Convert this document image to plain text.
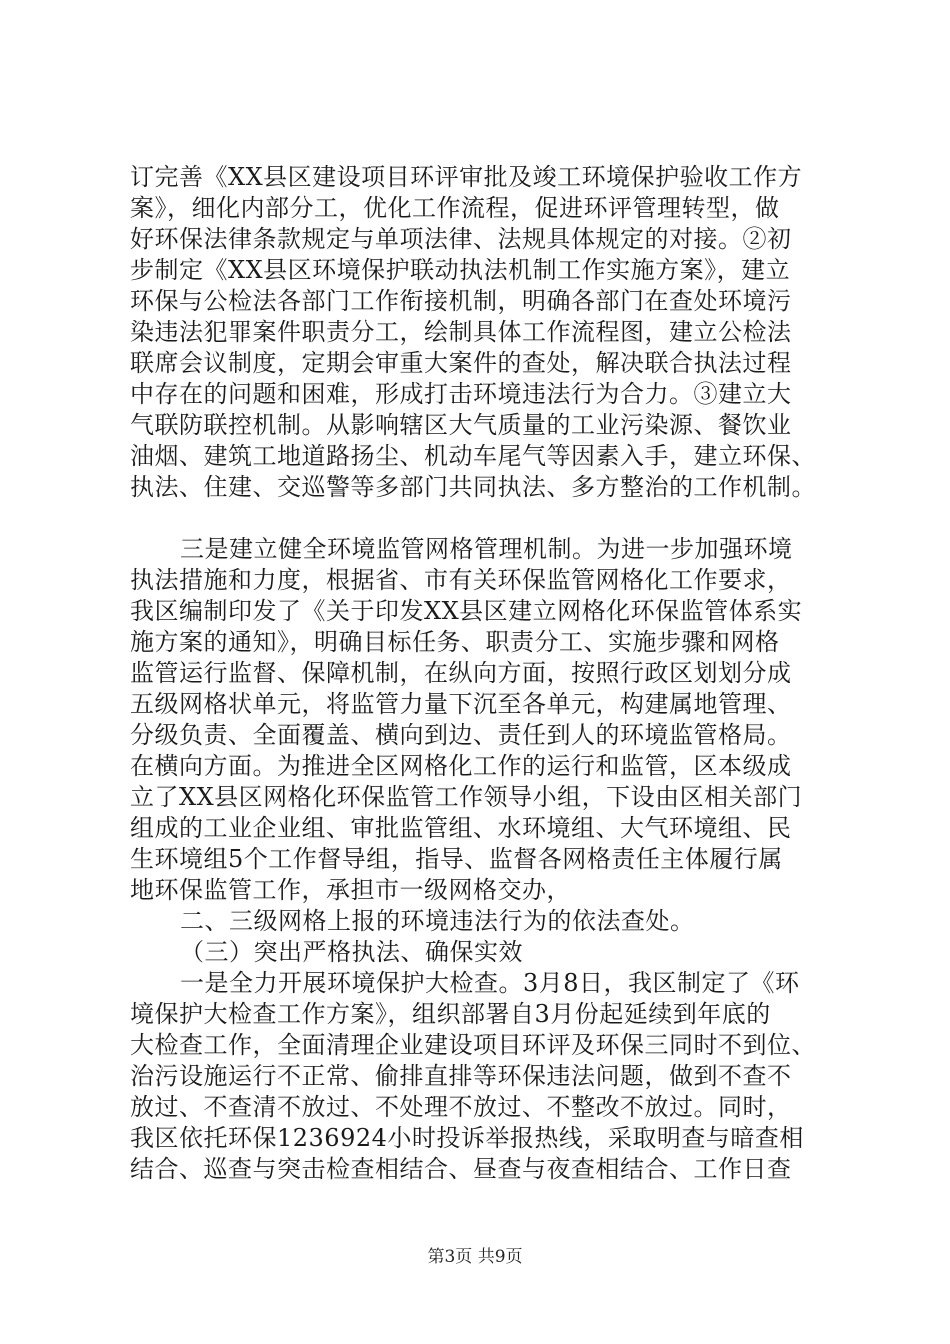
订完善《XX县区建设项目环评审批及竣工环境保护验收工作方
案》，细化内部分工，优化工作流程，促进环评管理转型，做
好环保法律条款规定与单项法律、法规具体规定的对接。②初
步制定《XX县区环境保护联动执法机制工作实施方案》，建立
环保与公检法各部门工作衔接机制，明确各部门在查处环境污
染违法犯罪案件职责分工，绘制具体工作流程图，建立公检法
联席会议制度，定期会审重大案件的查处，解决联合执法过程
中存在的问题和困难，形成打击环境违法行为合力。③建立大
气联防联控机制。从影响辖区大气质量的工业污染源、餐饮业
油烟、建筑工地道路扬尘、机动车尾气等因素入手，建立环保、
执法、住建、交巡警等多部门共同执法、多方整治的工作机制。
三是建立健全环境监管网格管理机制。为进一步加强环境
执法措施和力度，根据省、市有关环保监管网格化工作要求，
我区编制印发了《关于印发XX县区建立网格化环保监管体系实
施方案的通知》，明确目标任务、职责分工、实施步骤和网格
监管运行监督、保障机制，在纵向方面，按照行政区划划分成
五级网格状单元，将监管力量下沉至各单元，构建属地管理、
分级负责、全面覆盖、横向到边、责任到人的环境监管格局。
在横向方面。为推进全区网格化工作的运行和监管，区本级成
立了XX县区网格化环保监管工作领导小组，下设由区相关部门
组成的工业企业组、审批监管组、水环境组、大气环境组、民
生环境组5个工作督导组，指导、监督各网格责任主体履行属
地环保监管工作，承担市一级网格交办，
二、三级网格上报的环境违法行为的依法查处。
（三）突出严格执法、确保实效
一是全力开展环境保护大检查。3月8日，我区制定了《环
境保护大检查工作方案》，组织部署自3月份起延续到年底的
大检查工作，全面清理企业建设项目环评及环保三同时不到位、
治污设施运行不正常、偷排直排等环保违法问题，做到不查不
放过、不查清不放过、不处理不放过、不整改不放过。同时，
我区依托环保1236924小时投诉举报热线，采取明查与暗查相
结合、巡查与突击检查相结合、昼查与夜查相结合、工作日查
第3页 共9页
